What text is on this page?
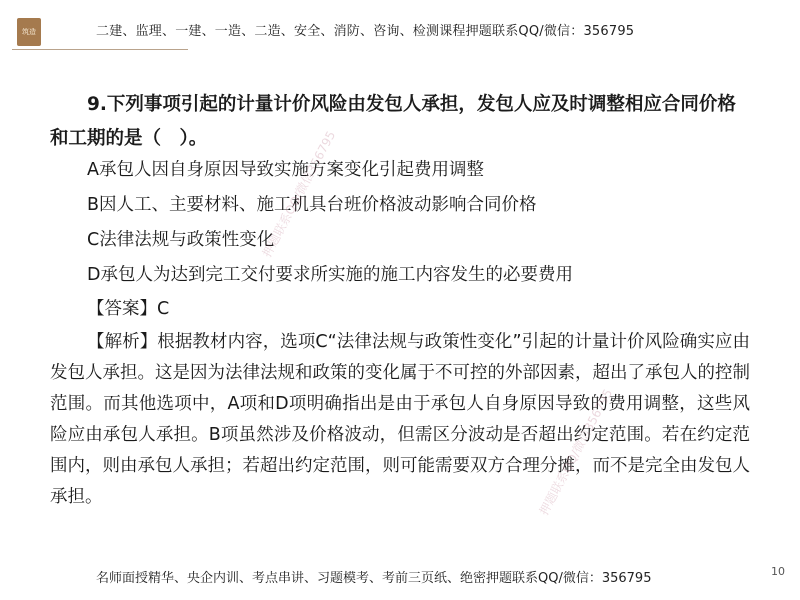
筑造	二建、监理、一建、一造、二造、安全、消防、咨询、检测课程押题联系QQ/微信：356795

9.下列事项引起的计量计价风险由发包人承担，发包人应及时调整相应合同价格和工期的是（　）。

A承包人因自身原因导致实施方案变化引起费用调整

B因人工、主要材料、施工机具台班价格波动影响合同价格

C法律法规与政策性变化

D承包人为达到完工交付要求所实施的施工内容发生的必要费用

【答案】C

【解析】根据教材内容，选项C“法律法规与政策性变化”引起的计量计价风险确实应由发包人承担。这是因为法律法规和政策的变化属于不可控的外部因素，超出了承包人的控制范围。而其他选项中，A项和D项明确指出是由于承包人自身原因导致的费用调整，这些风险应由承包人承担。B项虽然涉及价格波动，但需区分波动是否超出约定范围。若在约定范围内，则由承包人承担；若超出约定范围，则可能需要双方合理分摊，而不是完全由发包人承担。

押题联系QQ/微信356795
押题联系QQ/微信356795
名师面授精华、央企内训、考点串讲、习题模考、考前三页纸、绝密押题联系QQ/微信：356795	10
